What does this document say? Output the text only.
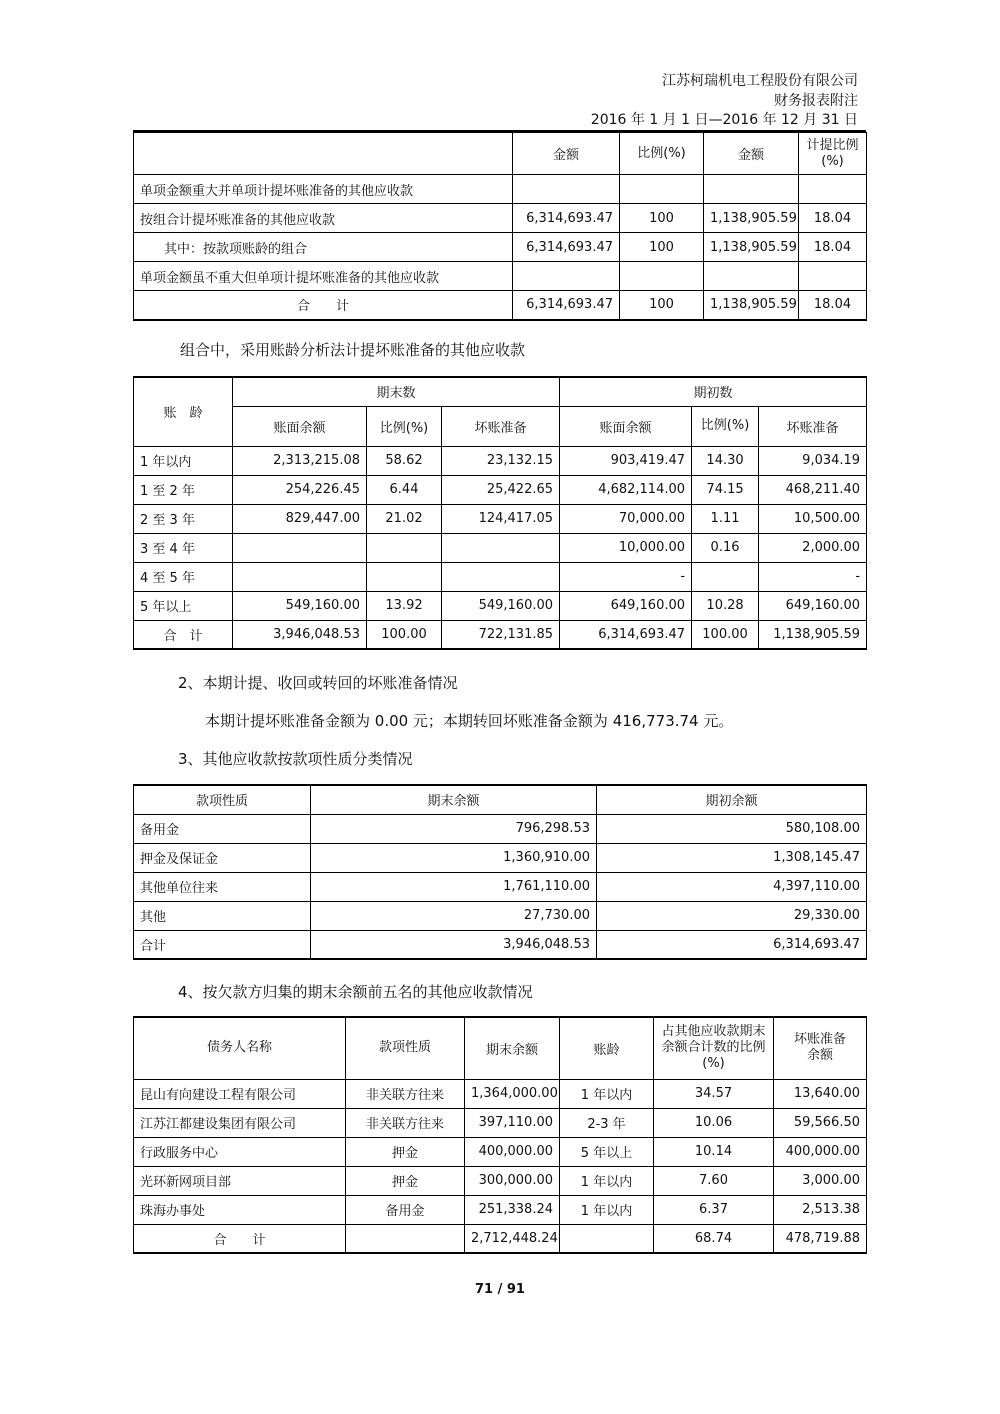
江苏柯瑞机电工程股份有限公司
财务报表附注
2016 年 1 月 1 日—2016 年 12 月 31 日
	金额	比例(%)	金额	计提比例(%)
单项金额重大并单项计提坏账准备的其他应收款				
按组合计提坏账准备的其他应收款	6,314,693.47	100	1,138,905.59	18.04
其中：按款项账龄的组合	6,314,693.47	100	1,138,905.59	18.04
单项金额虽不重大但单项计提坏账准备的其他应收款				
合　　计	6,314,693.47	100	1,138,905.59	18.04
组合中，采用账龄分析法计提坏账准备的其他应收款
账　龄	期末数			期初数		
	账面余额	比例(%)	坏账准备	账面余额	比例(%)	坏账准备
1 年以内	2,313,215.08	58.62	23,132.15	903,419.47	14.30	9,034.19
1 至 2 年	254,226.45	6.44	25,422.65	4,682,114.00	74.15	468,211.40
2 至 3 年	829,447.00	21.02	124,417.05	70,000.00	1.11	10,500.00
3 至 4 年				10,000.00	0.16	2,000.00
4 至 5 年				-		-
5 年以上	549,160.00	13.92	549,160.00	649,160.00	10.28	649,160.00
合　计	3,946,048.53	100.00	722,131.85	6,314,693.47	100.00	1,138,905.59
2、本期计提、收回或转回的坏账准备情况
本期计提坏账准备金额为 0.00 元；本期转回坏账准备金额为 416,773.74 元。
3、其他应收款按款项性质分类情况
款项性质	期末余额	期初余额
备用金	796,298.53	580,108.00
押金及保证金	1,360,910.00	1,308,145.47
其他单位往来	1,761,110.00	4,397,110.00
其他	27,730.00	29,330.00
合计	3,946,048.53	6,314,693.47
4、按欠款方归集的期末余额前五名的其他应收款情况
债务人名称	款项性质	期末余额	账龄	占其他应收款期末余额合计数的比例(%)	坏账准备余额
昆山有向建设工程有限公司	非关联方往来	1,364,000.00	1 年以内	34.57	13,640.00
江苏江都建设集团有限公司	非关联方往来	397,110.00	2-3 年	10.06	59,566.50
行政服务中心	押金	400,000.00	5 年以上	10.14	400,000.00
光环新网项目部	押金	300,000.00	1 年以内	7.60	3,000.00
珠海办事处	备用金	251,338.24	1 年以内	6.37	2,513.38
合　　计		2,712,448.24		68.74	478,719.88
71 / 91
